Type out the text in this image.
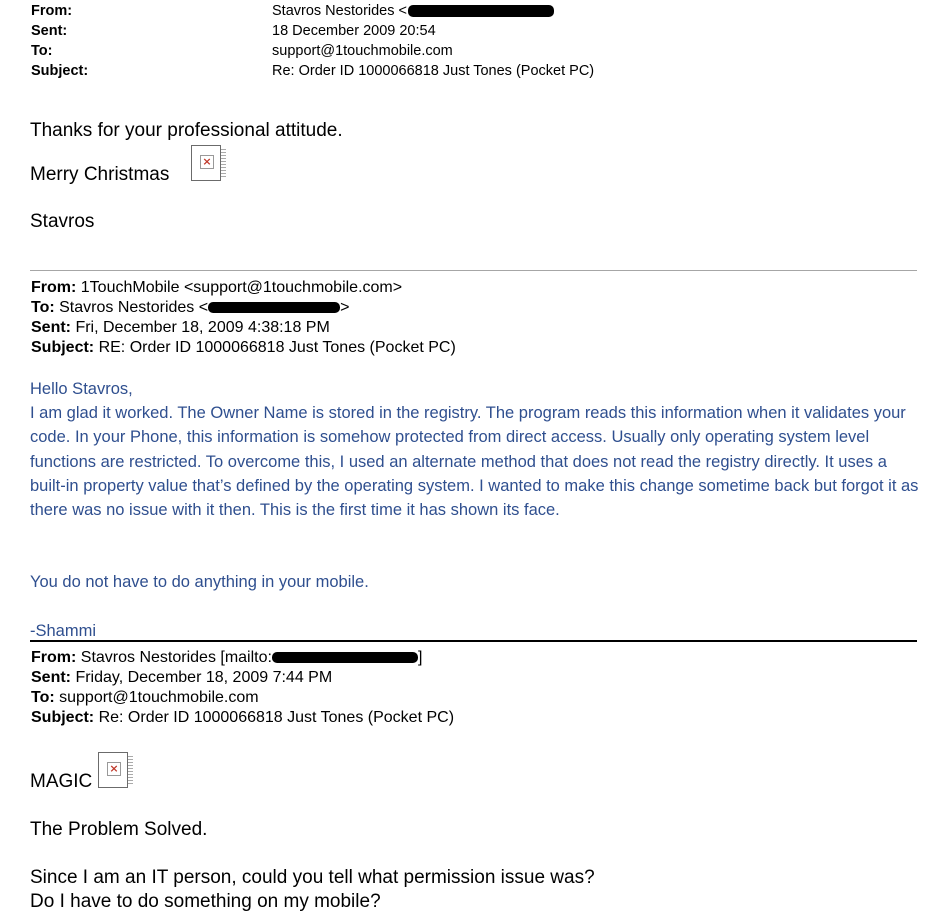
From:	Stavros Nestorides <
Sent:	18 December 2009 20:54
To:	support@1touchmobile.com
Subject:	Re: Order ID 1000066818 Just Tones (Pocket PC)
Thanks for your professional attitude.
Merry Christmas
×
Stavros
From: 1TouchMobile <support@1touchmobile.com>
To: Stavros Nestorides <	>
Sent: Fri, December 18, 2009 4:38:18 PM
Subject: RE: Order ID 1000066818 Just Tones (Pocket PC)
Hello Stavros,
I am glad it worked. The Owner Name is stored in the registry. The program reads this information when it validates your code. In your Phone, this information is somehow protected from direct access. Usually only operating system level functions are restricted. To overcome this, I used an alternate method that does not read the registry directly. It uses a built-in property value that’s defined by the operating system. I wanted to make this change sometime back but forgot it as there was no issue with it then. This is the first time it has shown its face.
You do not have to do anything in your mobile.
-Shammi
From: Stavros Nestorides [mailto:	]
Sent: Friday, December 18, 2009 7:44 PM
To: support@1touchmobile.com
Subject: Re: Order ID 1000066818 Just Tones (Pocket PC)
MAGIC
×
The Problem Solved.
Since I am an IT person, could you tell what permission issue was?
Do I have to do something on my mobile?
